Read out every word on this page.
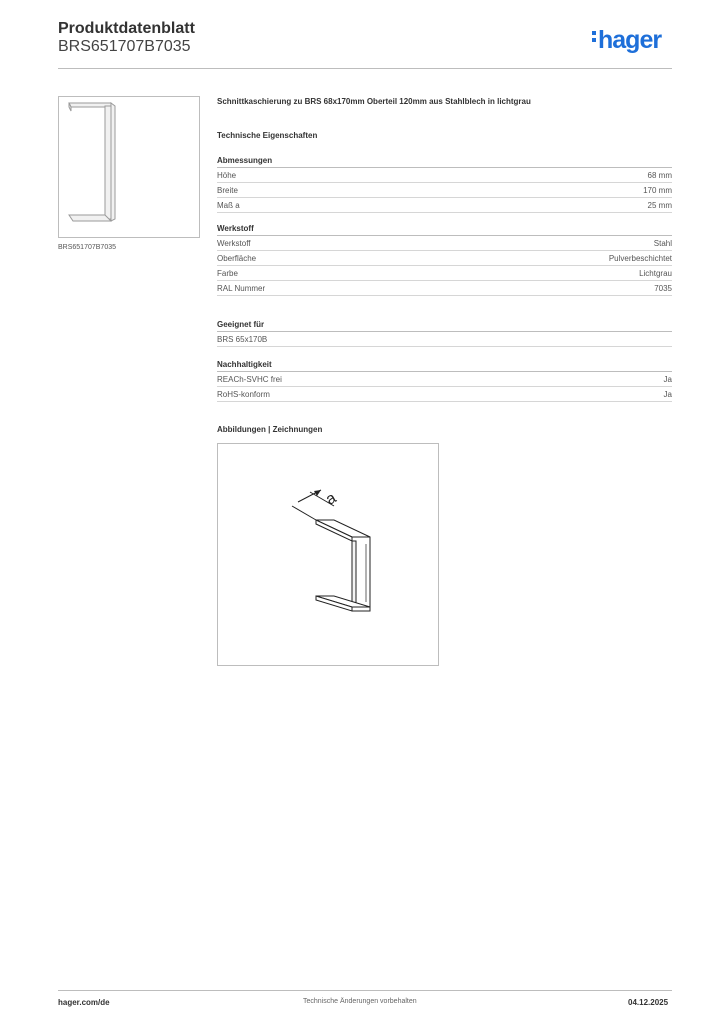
Produktdatenblatt
BRS651707B7035	hager
BRS651707B7035
Schnittkaschierung zu BRS 68x170mm Oberteil 120mm aus Stahlblech in lichtgrau
Technische Eigenschaften
Abmessungen
Höhe	68 mm
Breite	170 mm
Maß a	25 mm
Werkstoff
Werkstoff	Stahl
Oberfläche	Pulverbeschichtet
Farbe	Lichtgrau
RAL Nummer	7035
Geeignet für
BRS 65x170B
Nachhaltigkeit
REACh-SVHC frei	Ja
RoHS-konform	Ja
Abbildungen | Zeichnungen
a
hager.com/de	Technische Änderungen vorbehalten	04.12.2025
